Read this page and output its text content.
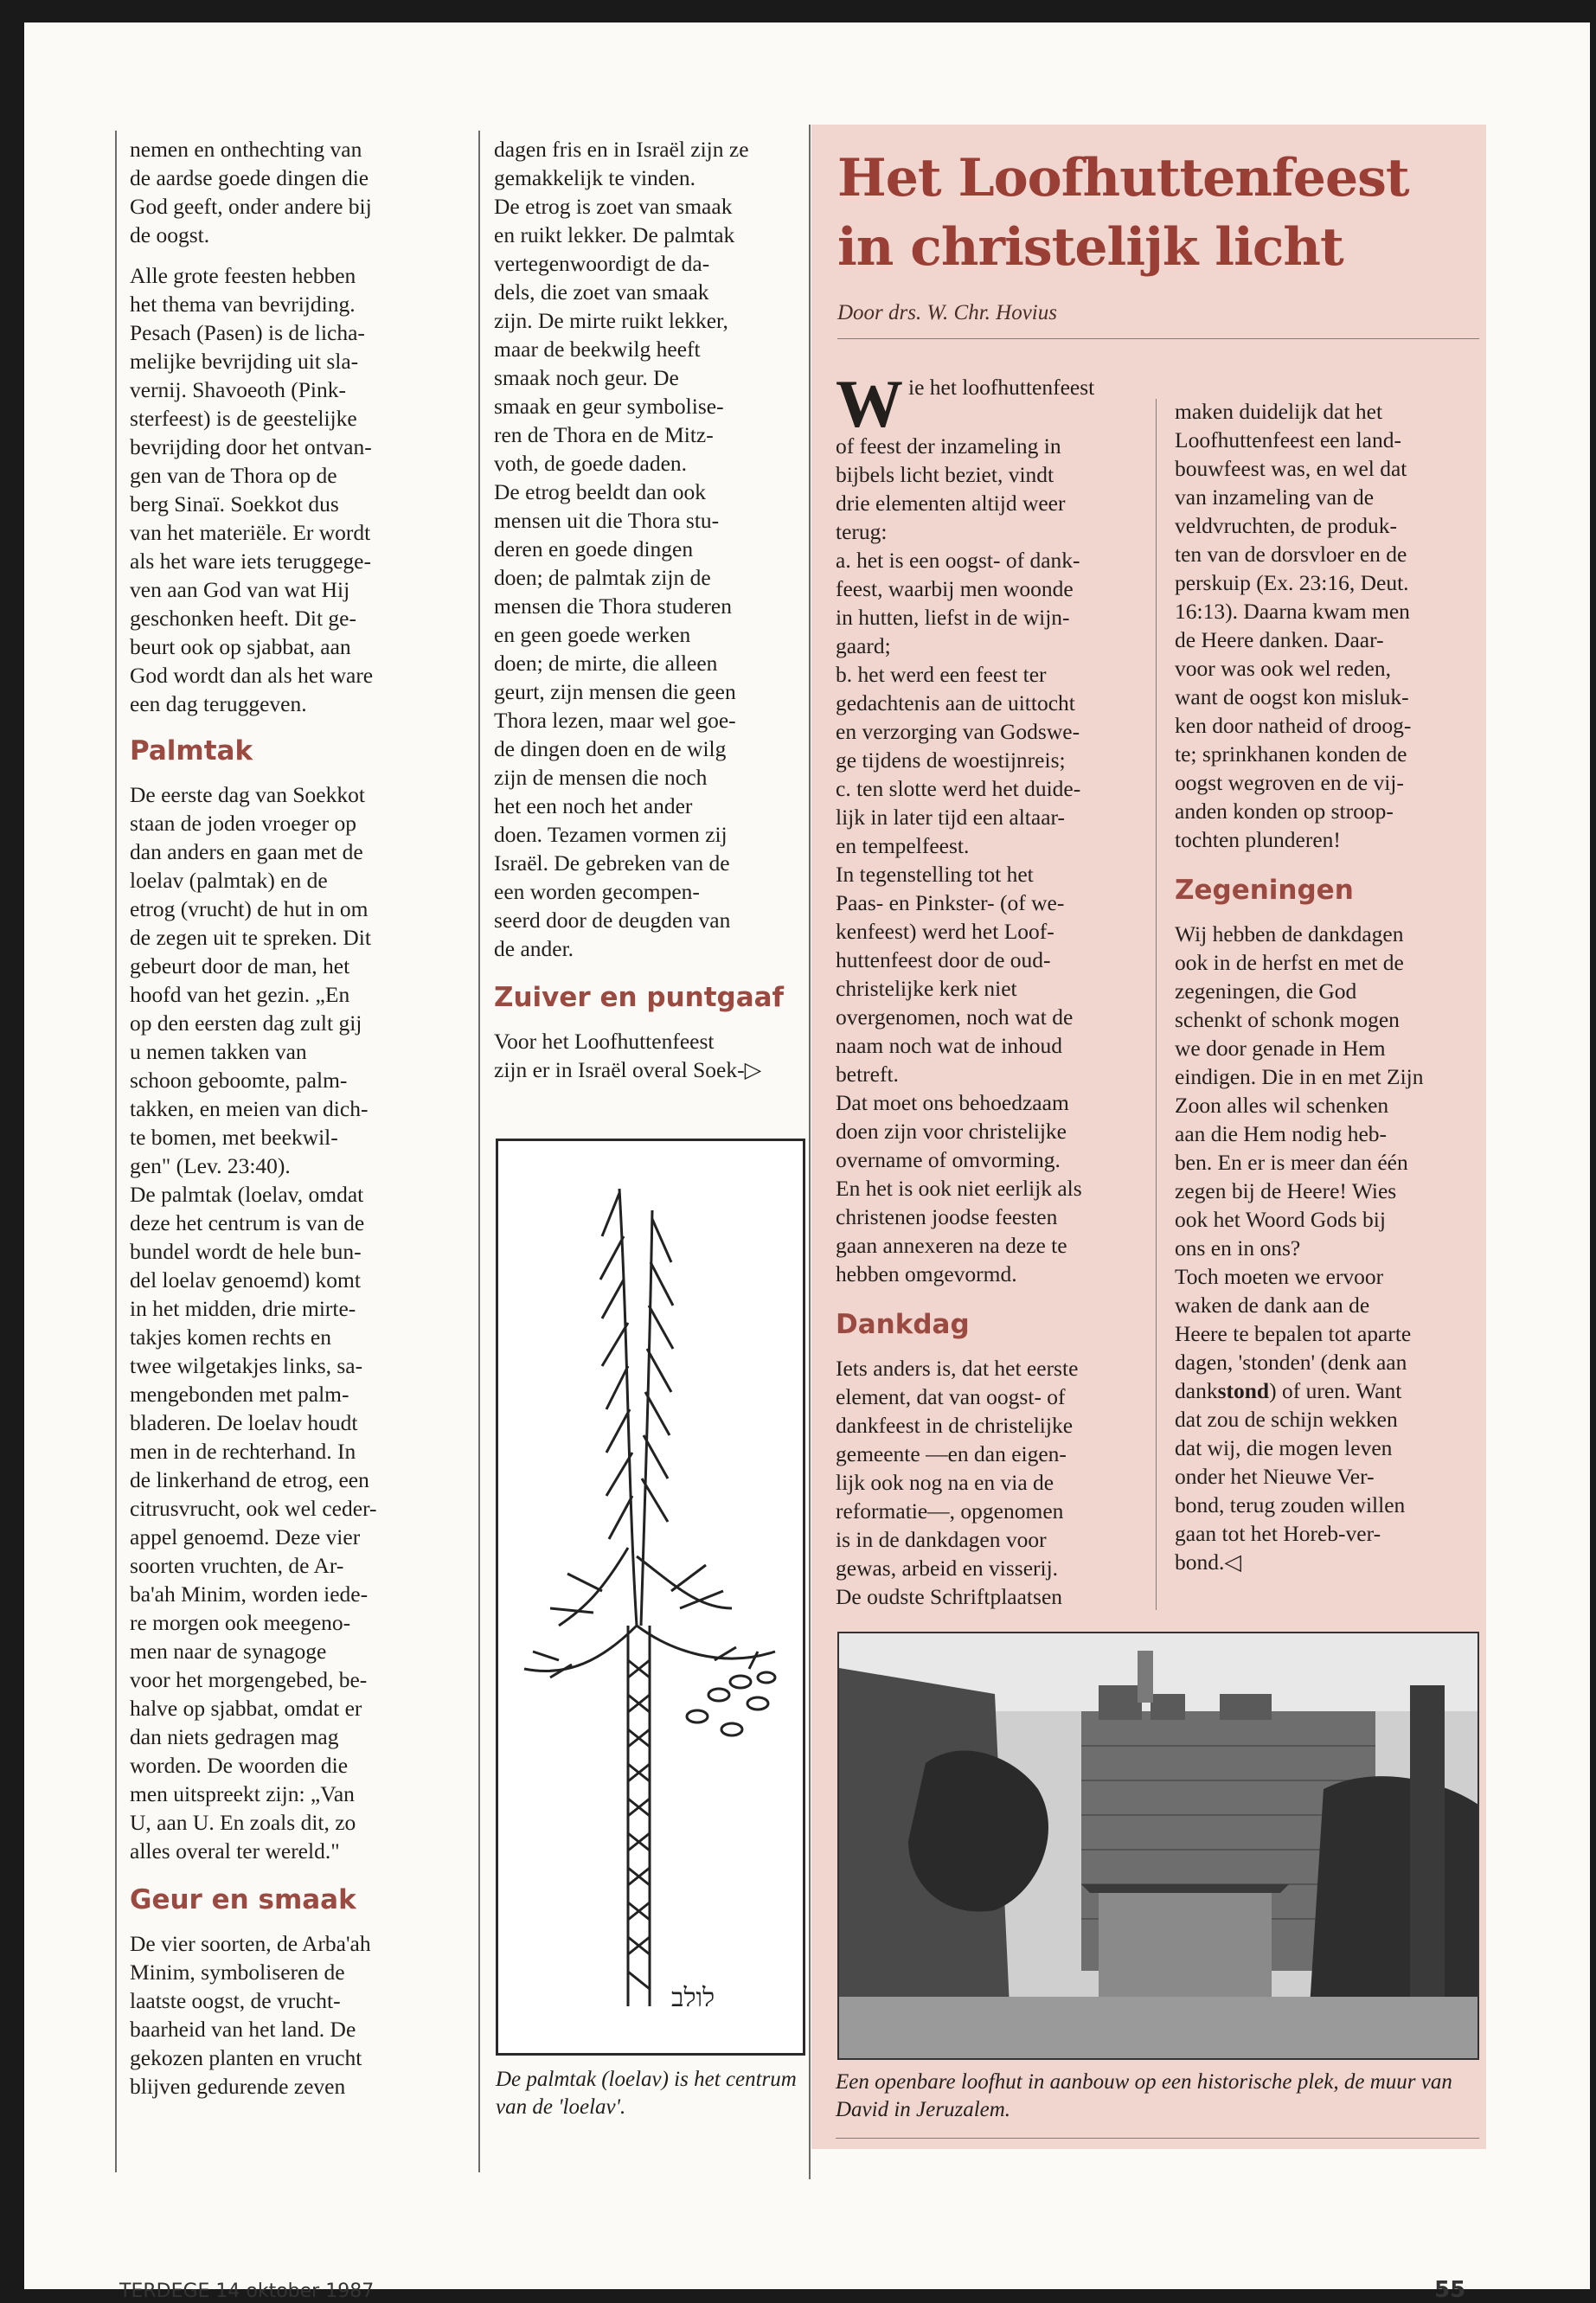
nemen en onthechting van

de aardse goede dingen die

God geeft, onder andere bij

de oogst.

Alle grote feesten hebben

het thema van bevrijding.

Pesach (Pasen) is de licha-

melijke bevrijding uit sla-

vernij. Shavoeoth (Pink-

sterfeest) is de geestelijke

bevrijding door het ontvan-

gen van de Thora op de

berg Sinaï. Soekkot dus

van het materiële. Er wordt

als het ware iets teruggege-

ven aan God van wat Hij

geschonken heeft. Dit ge-

beurt ook op sjabbat, aan

God wordt dan als het ware

een dag teruggeven.

Palmtak

De eerste dag van Soekkot

staan de joden vroeger op

dan anders en gaan met de

loelav (palmtak) en de

etrog (vrucht) de hut in om

de zegen uit te spreken. Dit

gebeurt door de man, het

hoofd van het gezin. „En

op den eersten dag zult gij

u nemen takken van

schoon geboomte, palm-

takken, en meien van dich-

te bomen, met beekwil-

gen" (Lev. 23:40).

De palmtak (loelav, omdat

deze het centrum is van de

bundel wordt de hele bun-

del loelav genoemd) komt

in het midden, drie mirte-

takjes komen rechts en

twee wilgetakjes links, sa-

mengebonden met palm-

bladeren. De loelav houdt

men in de rechterhand. In

de linkerhand de etrog, een

citrusvrucht, ook wel ceder-

appel genoemd. Deze vier

soorten vruchten, de Ar-

ba'ah Minim, worden iede-

re morgen ook meegeno-

men naar de synagoge

voor het morgengebed, be-

halve op sjabbat, omdat er

dan niets gedragen mag

worden. De woorden die

men uitspreekt zijn: „Van

U, aan U. En zoals dit, zo

alles overal ter wereld."

Geur en smaak

De vier soorten, de Arba'ah

Minim, symboliseren de

laatste oogst, de vrucht-

baarheid van het land. De

gekozen planten en vrucht

blijven gedurende zeven

dagen fris en in Israël zijn ze

gemakkelijk te vinden.

De etrog is zoet van smaak

en ruikt lekker. De palmtak

vertegenwoordigt de da-

dels, die zoet van smaak

zijn. De mirte ruikt lekker,

maar de beekwilg heeft

smaak noch geur. De

smaak en geur symbolise-

ren de Thora en de Mitz-

voth, de goede daden.

De etrog beeldt dan ook

mensen uit die Thora stu-

deren en goede dingen

doen; de palmtak zijn de

mensen die Thora studeren

en geen goede werken

doen; de mirte, die alleen

geurt, zijn mensen die geen

Thora lezen, maar wel goe-

de dingen doen en de wilg

zijn de mensen die noch

het een noch het ander

doen. Tezamen vormen zij

Israël. De gebreken van de

een worden gecompen-

seerd door de deugden van

de ander.

Zuiver en puntgaaf

Voor het Loofhuttenfeest

zijn er in Israël overal Soek-▷

לולב
De palmtak (loelav) is het centrum van de 'loelav'.
Het Loofhuttenfeest in christelijk licht
Door drs. W. Chr. Hovius

Wie het loofhuttenfeest

of feest der inzameling in

bijbels licht beziet, vindt

drie elementen altijd weer

terug:

a. het is een oogst- of dank-

feest, waarbij men woonde

in hutten, liefst in de wijn-

gaard;

b. het werd een feest ter

gedachtenis aan de uittocht

en verzorging van Godswe-

ge tijdens de woestijnreis;

c. ten slotte werd het duide-

lijk in later tijd een altaar-

en tempelfeest.

In tegenstelling tot het

Paas- en Pinkster- (of we-

kenfeest) werd het Loof-

huttenfeest door de oud-

christelijke kerk niet

overgenomen, noch wat de

naam noch wat de inhoud

betreft.

Dat moet ons behoedzaam

doen zijn voor christelijke

overname of omvorming.

En het is ook niet eerlijk als

christenen joodse feesten

gaan annexeren na deze te

hebben omgevormd.

Dankdag

Iets anders is, dat het eerste

element, dat van oogst- of

dankfeest in de christelijke

gemeente —en dan eigen-

lijk ook nog na en via de

reformatie—, opgenomen

is in de dankdagen voor

gewas, arbeid en visserij.

De oudste Schriftplaatsen

maken duidelijk dat het

Loofhuttenfeest een land-

bouwfeest was, en wel dat

van inzameling van de

veldvruchten, de produk-

ten van de dorsvloer en de

perskuip (Ex. 23:16, Deut.

16:13). Daarna kwam men

de Heere danken. Daar-

voor was ook wel reden,

want de oogst kon misluk-

ken door natheid of droog-

te; sprinkhanen konden de

oogst wegroven en de vij-

anden konden op stroop-

tochten plunderen!

Zegeningen

Wij hebben de dankdagen

ook in de herfst en met de

zegeningen, die God

schenkt of schonk mogen

we door genade in Hem

eindigen. Die in en met Zijn

Zoon alles wil schenken

aan die Hem nodig heb-

ben. En er is meer dan één

zegen bij de Heere! Wies

ook het Woord Gods bij

ons en in ons?

Toch moeten we ervoor

waken de dank aan de

Heere te bepalen tot aparte

dagen, 'stonden' (denk aan

dankstond) of uren. Want

dat zou de schijn wekken

dat wij, die mogen leven

onder het Nieuwe Ver-

bond, terug zouden willen

gaan tot het Horeb-ver-

bond.◁

Een openbare loofhut in aanbouw op een historische plek, de muur van David in Jeruzalem.
TERDEGE 14 oktober 1987	55
